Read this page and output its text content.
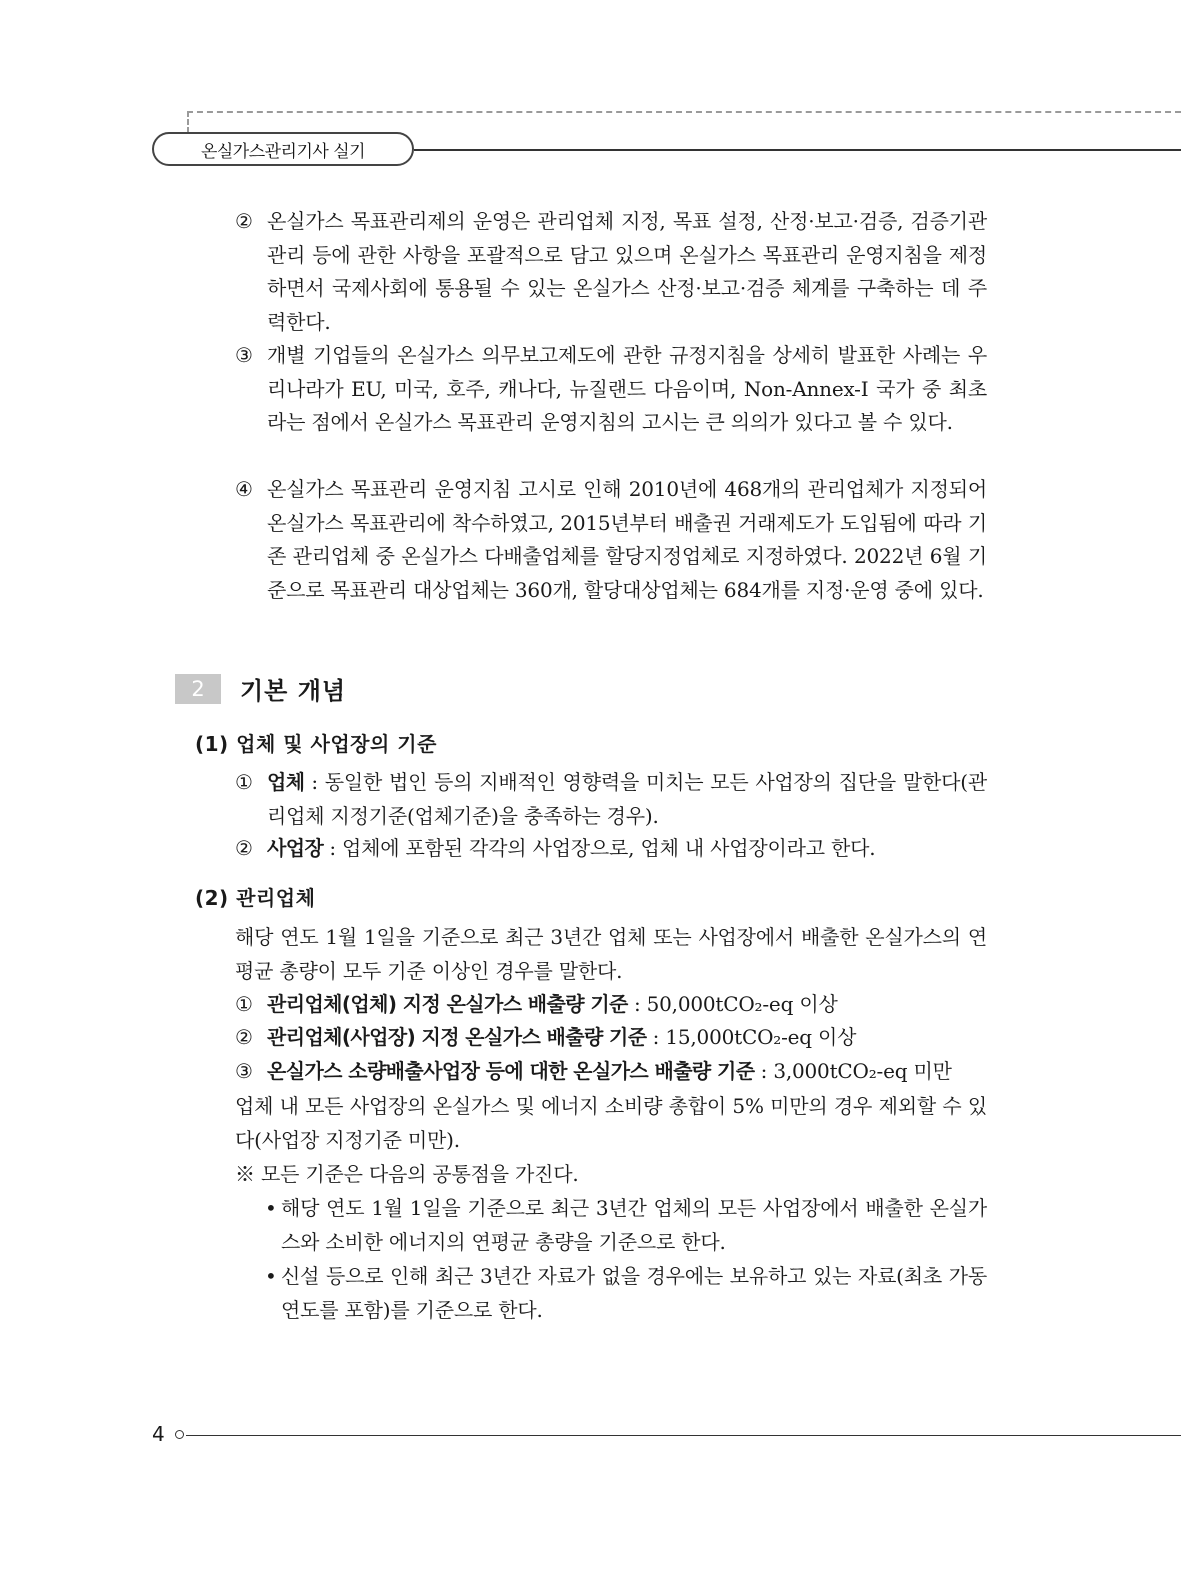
온실가스관리기사 실기
② 온실가스 목표관리제의 운영은 관리업체 지정, 목표 설정, 산정·보고·검증, 검증기관 관리 등에 관한 사항을 포괄적으로 담고 있으며 온실가스 목표관리 운영지침을 제정하면서 국제사회에 통용될 수 있는 온실가스 산정·보고·검증 체계를 구축하는 데 주력한다.
③ 개별 기업들의 온실가스 의무보고제도에 관한 규정지침을 상세히 발표한 사례는 우리나라가 EU, 미국, 호주, 캐나다, 뉴질랜드 다음이며, Non-Annex-I 국가 중 최초라는 점에서 온실가스 목표관리 운영지침의 고시는 큰 의의가 있다고 볼 수 있다.
④ 온실가스 목표관리 운영지침 고시로 인해 2010년에 468개의 관리업체가 지정되어 온실가스 목표관리에 착수하였고, 2015년부터 배출권 거래제도가 도입됨에 따라 기존 관리업체 중 온실가스 다배출업체를 할당지정업체로 지정하였다. 2022년 6월 기준으로 목표관리 대상업체는 360개, 할당대상업체는 684개를 지정·운영 중에 있다.
2 기본 개념
(1) 업체 및 사업장의 기준
① 업체 : 동일한 법인 등의 지배적인 영향력을 미치는 모든 사업장의 집단을 말한다(관리업체 지정기준(업체기준)을 충족하는 경우).
② 사업장 : 업체에 포함된 각각의 사업장으로, 업체 내 사업장이라고 한다.
(2) 관리업체
해당 연도 1월 1일을 기준으로 최근 3년간 업체 또는 사업장에서 배출한 온실가스의 연평균 총량이 모두 기준 이상인 경우를 말한다.
① 관리업체(업체) 지정 온실가스 배출량 기준 : 50,000tCO₂-eq 이상
② 관리업체(사업장) 지정 온실가스 배출량 기준 : 15,000tCO₂-eq 이상
③ 온실가스 소량배출사업장 등에 대한 온실가스 배출량 기준 : 3,000tCO₂-eq 미만
업체 내 모든 사업장의 온실가스 및 에너지 소비량 총합이 5% 미만의 경우 제외할 수 있다(사업장 지정기준 미만).
※ 모든 기준은 다음의 공통점을 가진다.
• 해당 연도 1월 1일을 기준으로 최근 3년간 업체의 모든 사업장에서 배출한 온실가스와 소비한 에너지의 연평균 총량을 기준으로 한다.
• 신설 등으로 인해 최근 3년간 자료가 없을 경우에는 보유하고 있는 자료(최초 가동연도를 포함)를 기준으로 한다.
4
